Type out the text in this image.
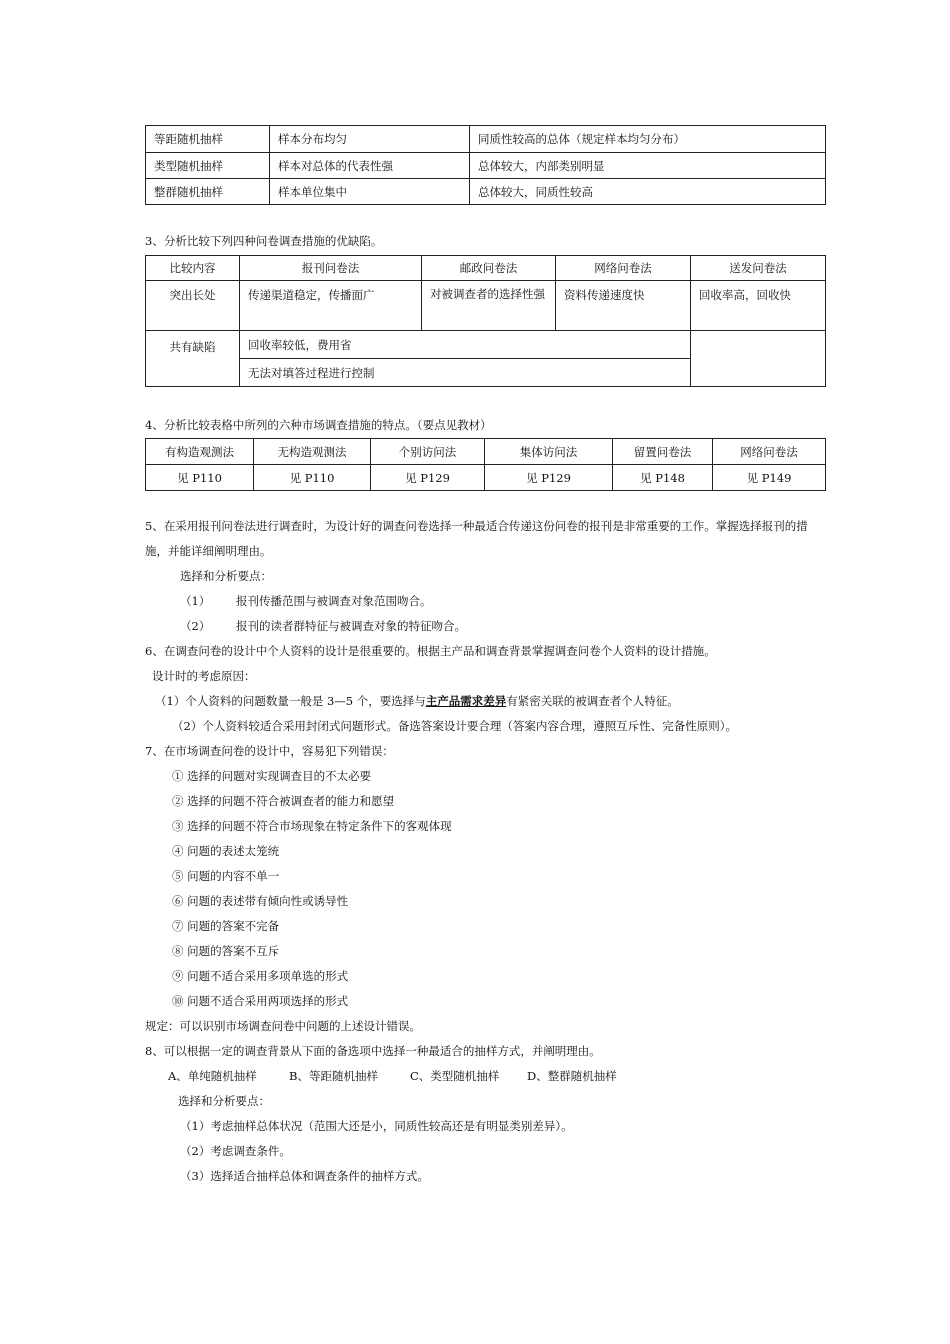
等距随机抽样	样本分布均匀	同质性较高的总体（规定样本均匀分布）
类型随机抽样	样本对总体的代表性强	总体较大，内部类别明显
整群随机抽样	样本单位集中	总体较大，同质性较高
3、分析比较下列四种问卷调查措施的优缺陷。
比较内容	报刊问卷法	邮政问卷法	网络问卷法	送发问卷法
突出长处	传递渠道稳定，传播面广	对被调查者的选择性强	资料传递速度快	回收率高，回收快
共有缺陷	回收率较低，费用省			
	无法对填答过程进行控制			
4、分析比较表格中所列的六种市场调查措施的特点。（要点见教材）
有构造观测法	无构造观测法	个别访问法	集体访问法	留置问卷法	网络问卷法
见 P110	见 P110	见 P129	见 P129	见 P148	见 P149
5、在采用报刊问卷法进行调查时，为设计好的调查问卷选择一种最适合传递这份问卷的报刊是非常重要的工作。掌握选择报刊的措
施，并能详细阐明理由。
选择和分析要点：
（1） 报刊传播范围与被调查对象范围吻合。
（2） 报刊的读者群特征与被调查对象的特征吻合。
6、在调查问卷的设计中个人资料的设计是很重要的。根据主产品和调查背景掌握调查问卷个人资料的设计措施。
设计时的考虑原因：
（1）个人资料的问题数量一般是 3—5 个，要选择与主产品需求差异有紧密关联的被调查者个人特征。
（2）个人资料较适合采用封闭式问题形式。备选答案设计要合理（答案内容合理，遵照互斥性、完备性原则）。
7、在市场调查问卷的设计中，容易犯下列错误：
① 选择的问题对实现调查目的不太必要
② 选择的问题不符合被调查者的能力和愿望
③ 选择的问题不符合市场现象在特定条件下的客观体现
④ 问题的表述太笼统
⑤ 问题的内容不单一
⑥ 问题的表述带有倾向性或诱导性
⑦ 问题的答案不完备
⑧ 问题的答案不互斥
⑨ 问题不适合采用多项单选的形式
⑩ 问题不适合采用两项选择的形式
规定：可以识别市场调查问卷中问题的上述设计错误。
8、可以根据一定的调查背景从下面的备选项中选择一种最适合的抽样方式，并阐明理由。
A、单纯随机抽样	B、等距随机抽样	C、类型随机抽样 D、整群随机抽样
选择和分析要点：
（1）考虑抽样总体状况（范围大还是小，同质性较高还是有明显类别差异）。
（2）考虑调查条件。
（3）选择适合抽样总体和调查条件的抽样方式。
